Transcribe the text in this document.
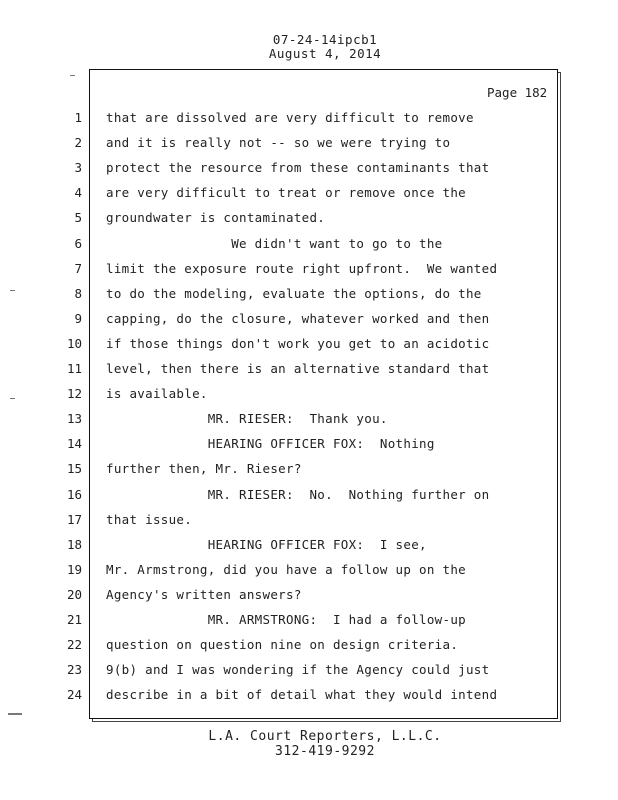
07-24-14ipcb1
August 4, 2014
Page 182
1 that are dissolved are very difficult to remove
2 and it is really not -- so we were trying to
3 protect the resource from these contaminants that
4 are very difficult to treat or remove once the
5 groundwater is contaminated.
6 We didn't want to go to the
7 limit the exposure route right upfront.  We wanted
8 to do the modeling, evaluate the options, do the
9 capping, do the closure, whatever worked and then
10 if those things don't work you get to an acidotic
11 level, then there is an alternative standard that
12 is available.
13 MR. RIESER:  Thank you.
14 HEARING OFFICER FOX:  Nothing
15 further then, Mr. Rieser?
16 MR. RIESER:  No.  Nothing further on
17 that issue.
18 HEARING OFFICER FOX:  I see,
19 Mr. Armstrong, did you have a follow up on the
20 Agency's written answers?
21 MR. ARMSTRONG:  I had a follow-up
22 question on question nine on design criteria.
23 9(b) and I was wondering if the Agency could just
24 describe in a bit of detail what they would intend
L.A. Court Reporters, L.L.C.
312-419-9292
